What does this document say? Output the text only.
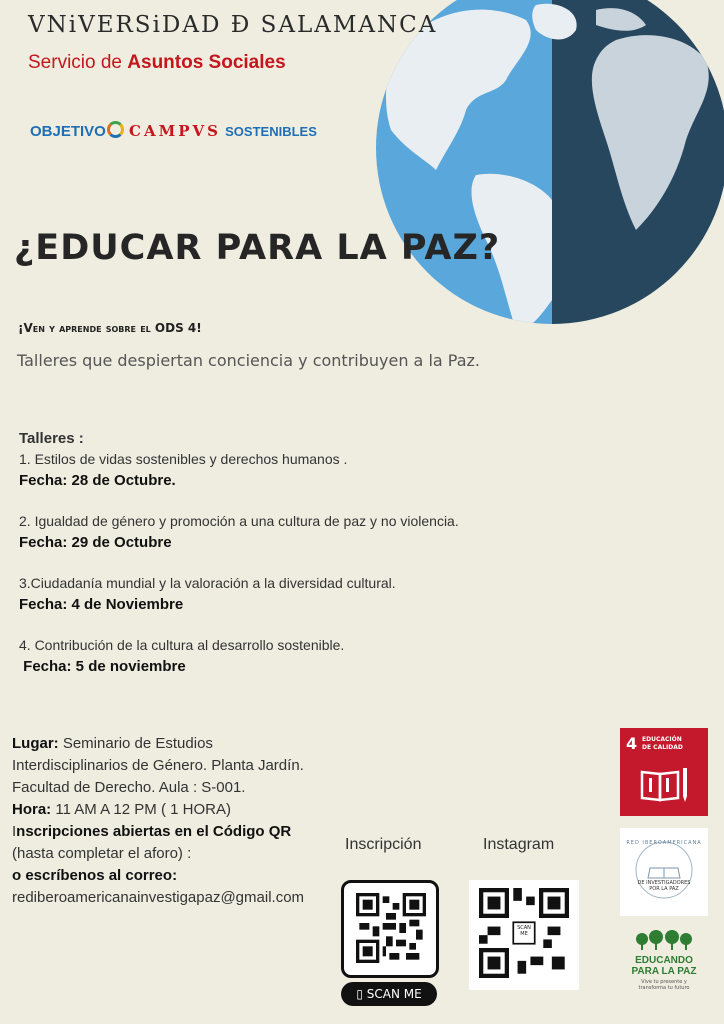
VNiVERSiDAD Ð SALAMANCA
Servicio de Asuntos Sociales
OBJETIVO CAMPVS SOSTENIBLES
¿EDUCAR PARA LA PAZ?
¡Ven y aprende sobre el ODS 4!
Talleres que despiertan conciencia y contribuyen a la Paz.
Talleres :
1. Estilos de vidas sostenibles y derechos humanos .
Fecha: 28 de Octubre.
2. Igualdad de género y promoción a una cultura de paz y no violencia.
Fecha: 29 de Octubre
3.Ciudadanía mundial y la valoración a la diversidad cultural.
Fecha: 4 de Noviembre
4. Contribución de la cultura al desarrollo sostenible.
Fecha: 5 de noviembre
Lugar: Seminario de Estudios
Interdisciplinarios de Género. Planta Jardín.
Facultad de Derecho. Aula : S-001.
Hora: 11 AM A 12 PM ( 1 HORA)
Inscripciones abiertas en el Código QR
(hasta completar el aforo) :
o escríbenos al correo:
rediberoamericanainvestigapaz@gmail.com
Inscripción	Instagram
▯ SCAN ME
SCAN ME
4 EDUCACIÓN
DE CALIDAD
RED IBEROAMERICANA
DE INVESTIGADORES POR LA PAZ
EDUCANDO
PARA LA PAZ
Vive tu presente y
transforma tu futuro
